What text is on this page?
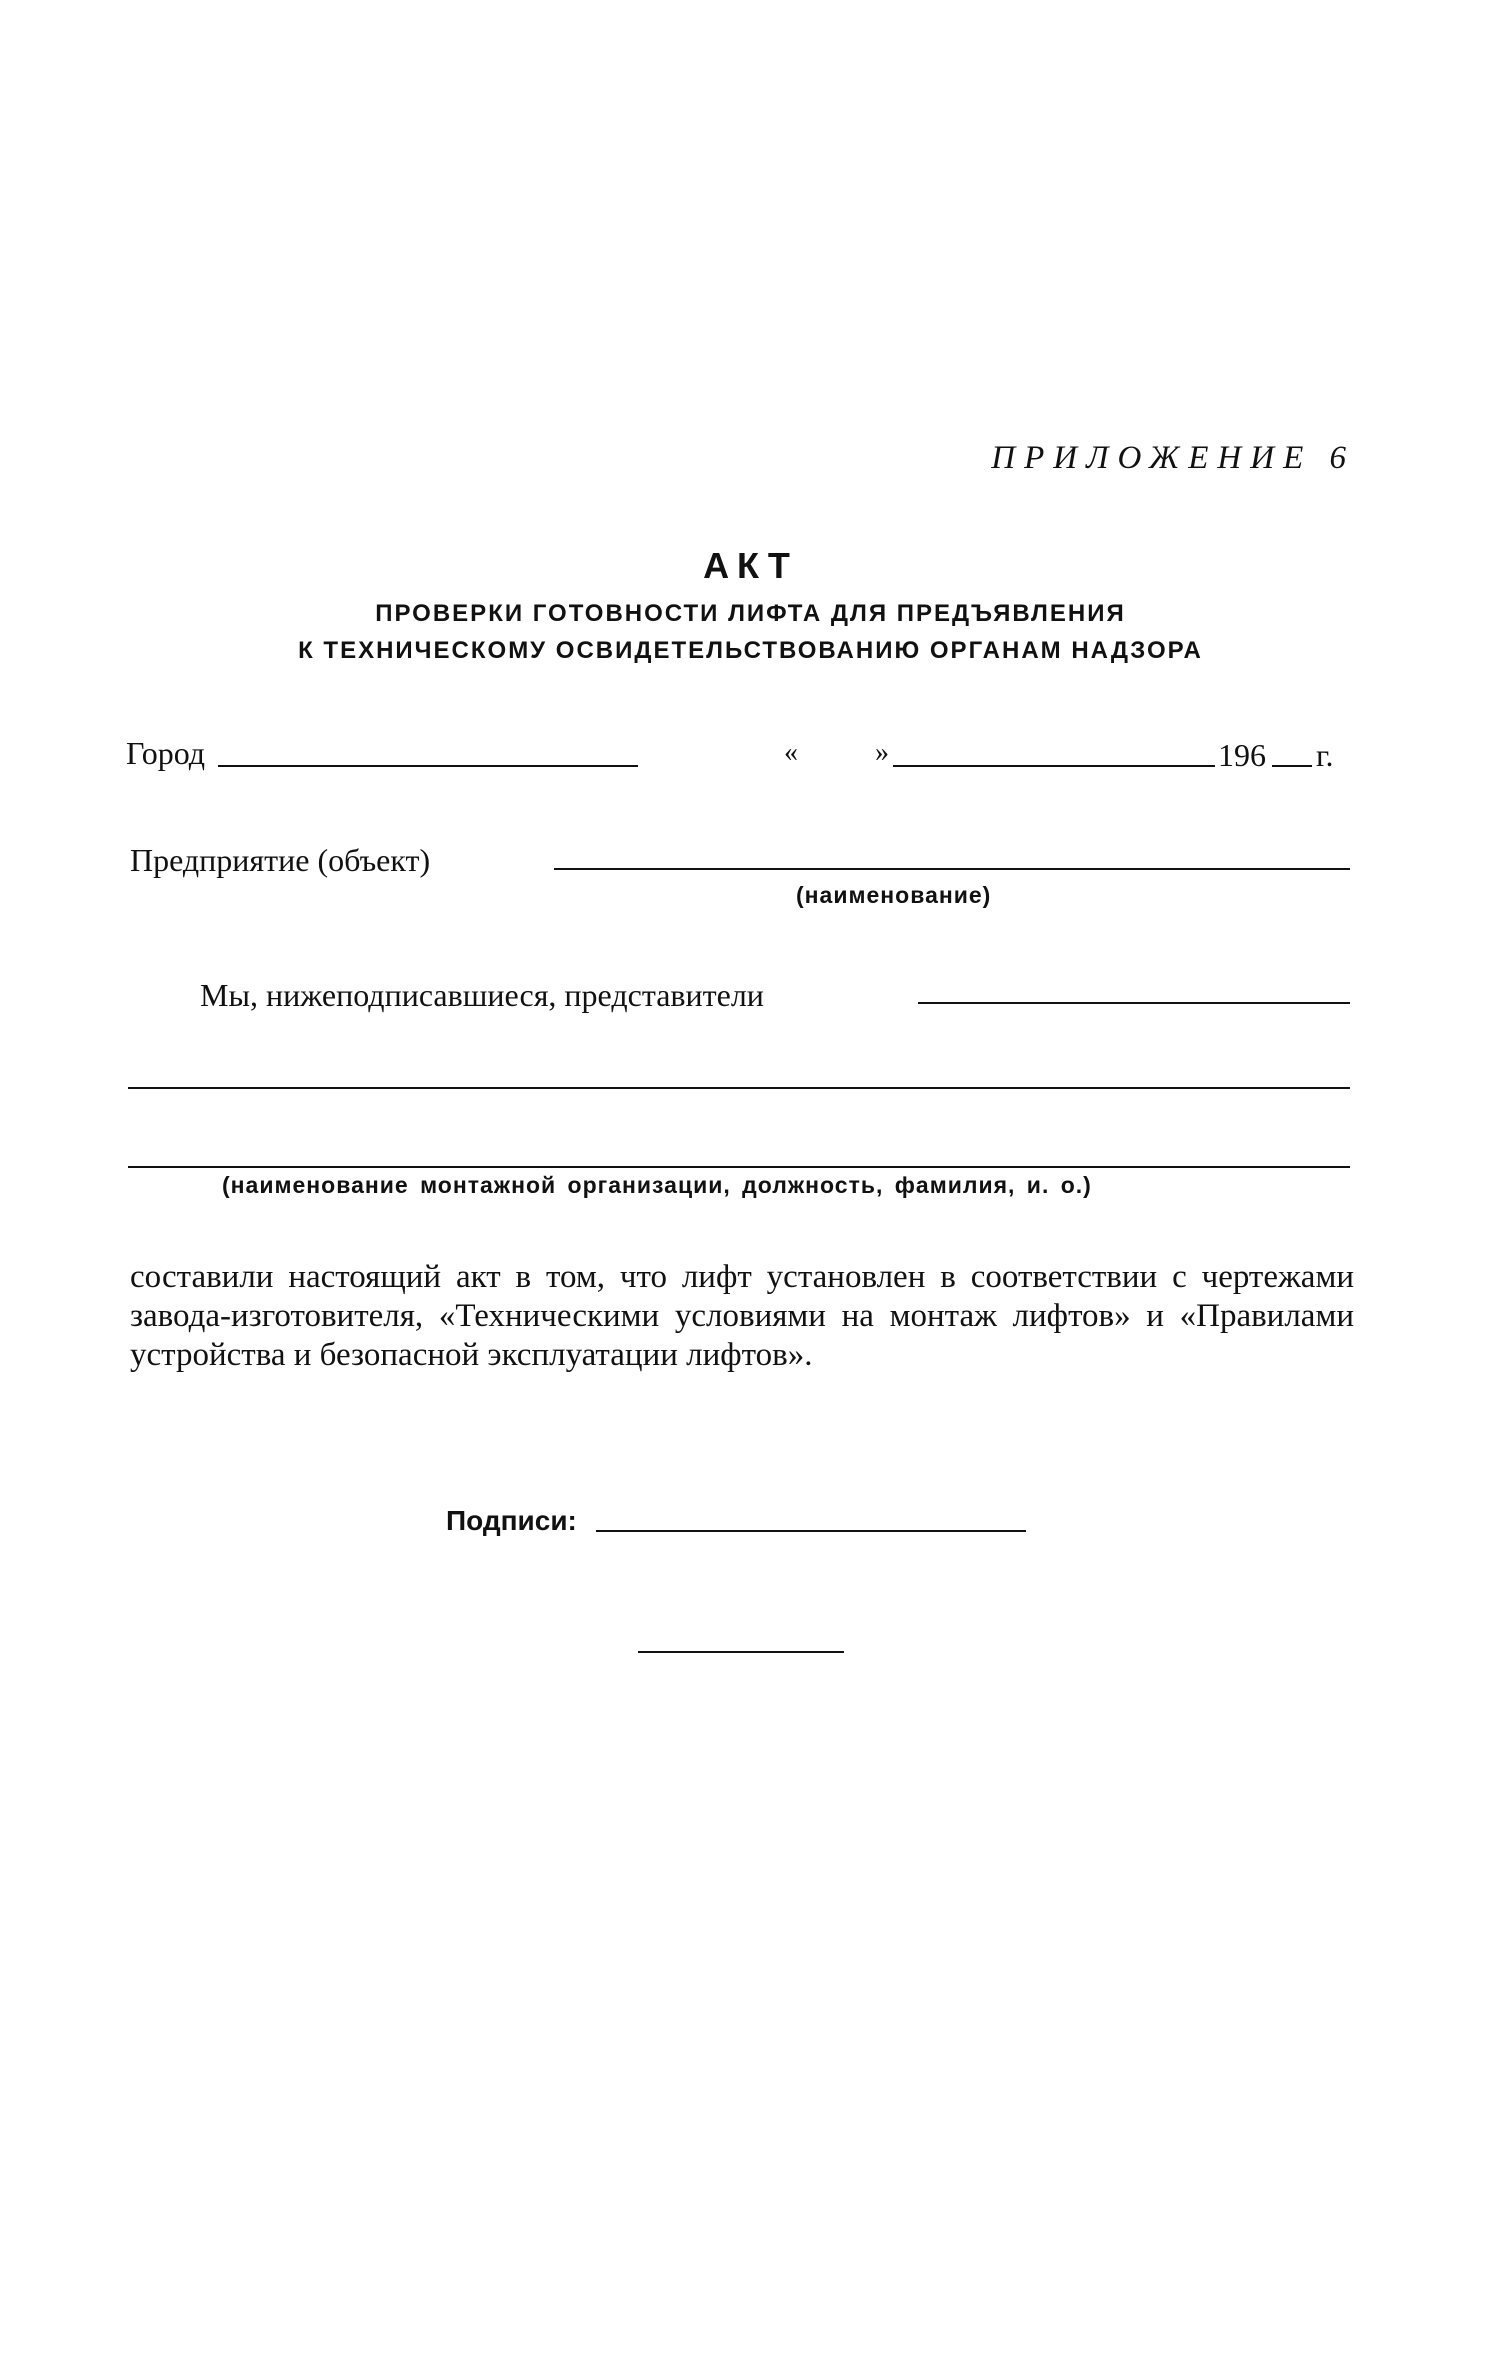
ПРИЛОЖЕНИЕ 6
АКТ
ПРОВЕРКИ ГОТОВНОСТИ ЛИФТА ДЛЯ ПРЕДЪЯВЛЕНИЯ
К ТЕХНИЧЕСКОМУ ОСВИДЕТЕЛЬСТВОВАНИЮ ОРГАНАМ НАДЗОРА
Город	«	»	196 г.
Предприятие (объект)
(наименование)
Мы, нижеподписавшиеся, представители
(наименование монтажной организации, должность, фамилия, и. о.)
составили настоящий акт в том, что лифт установлен в соответствии с чертежами завода-изготовителя, «Техническими условиями на монтаж лифтов» и «Правилами устройства и безопасной эксплуатации лифтов».
Подписи:
